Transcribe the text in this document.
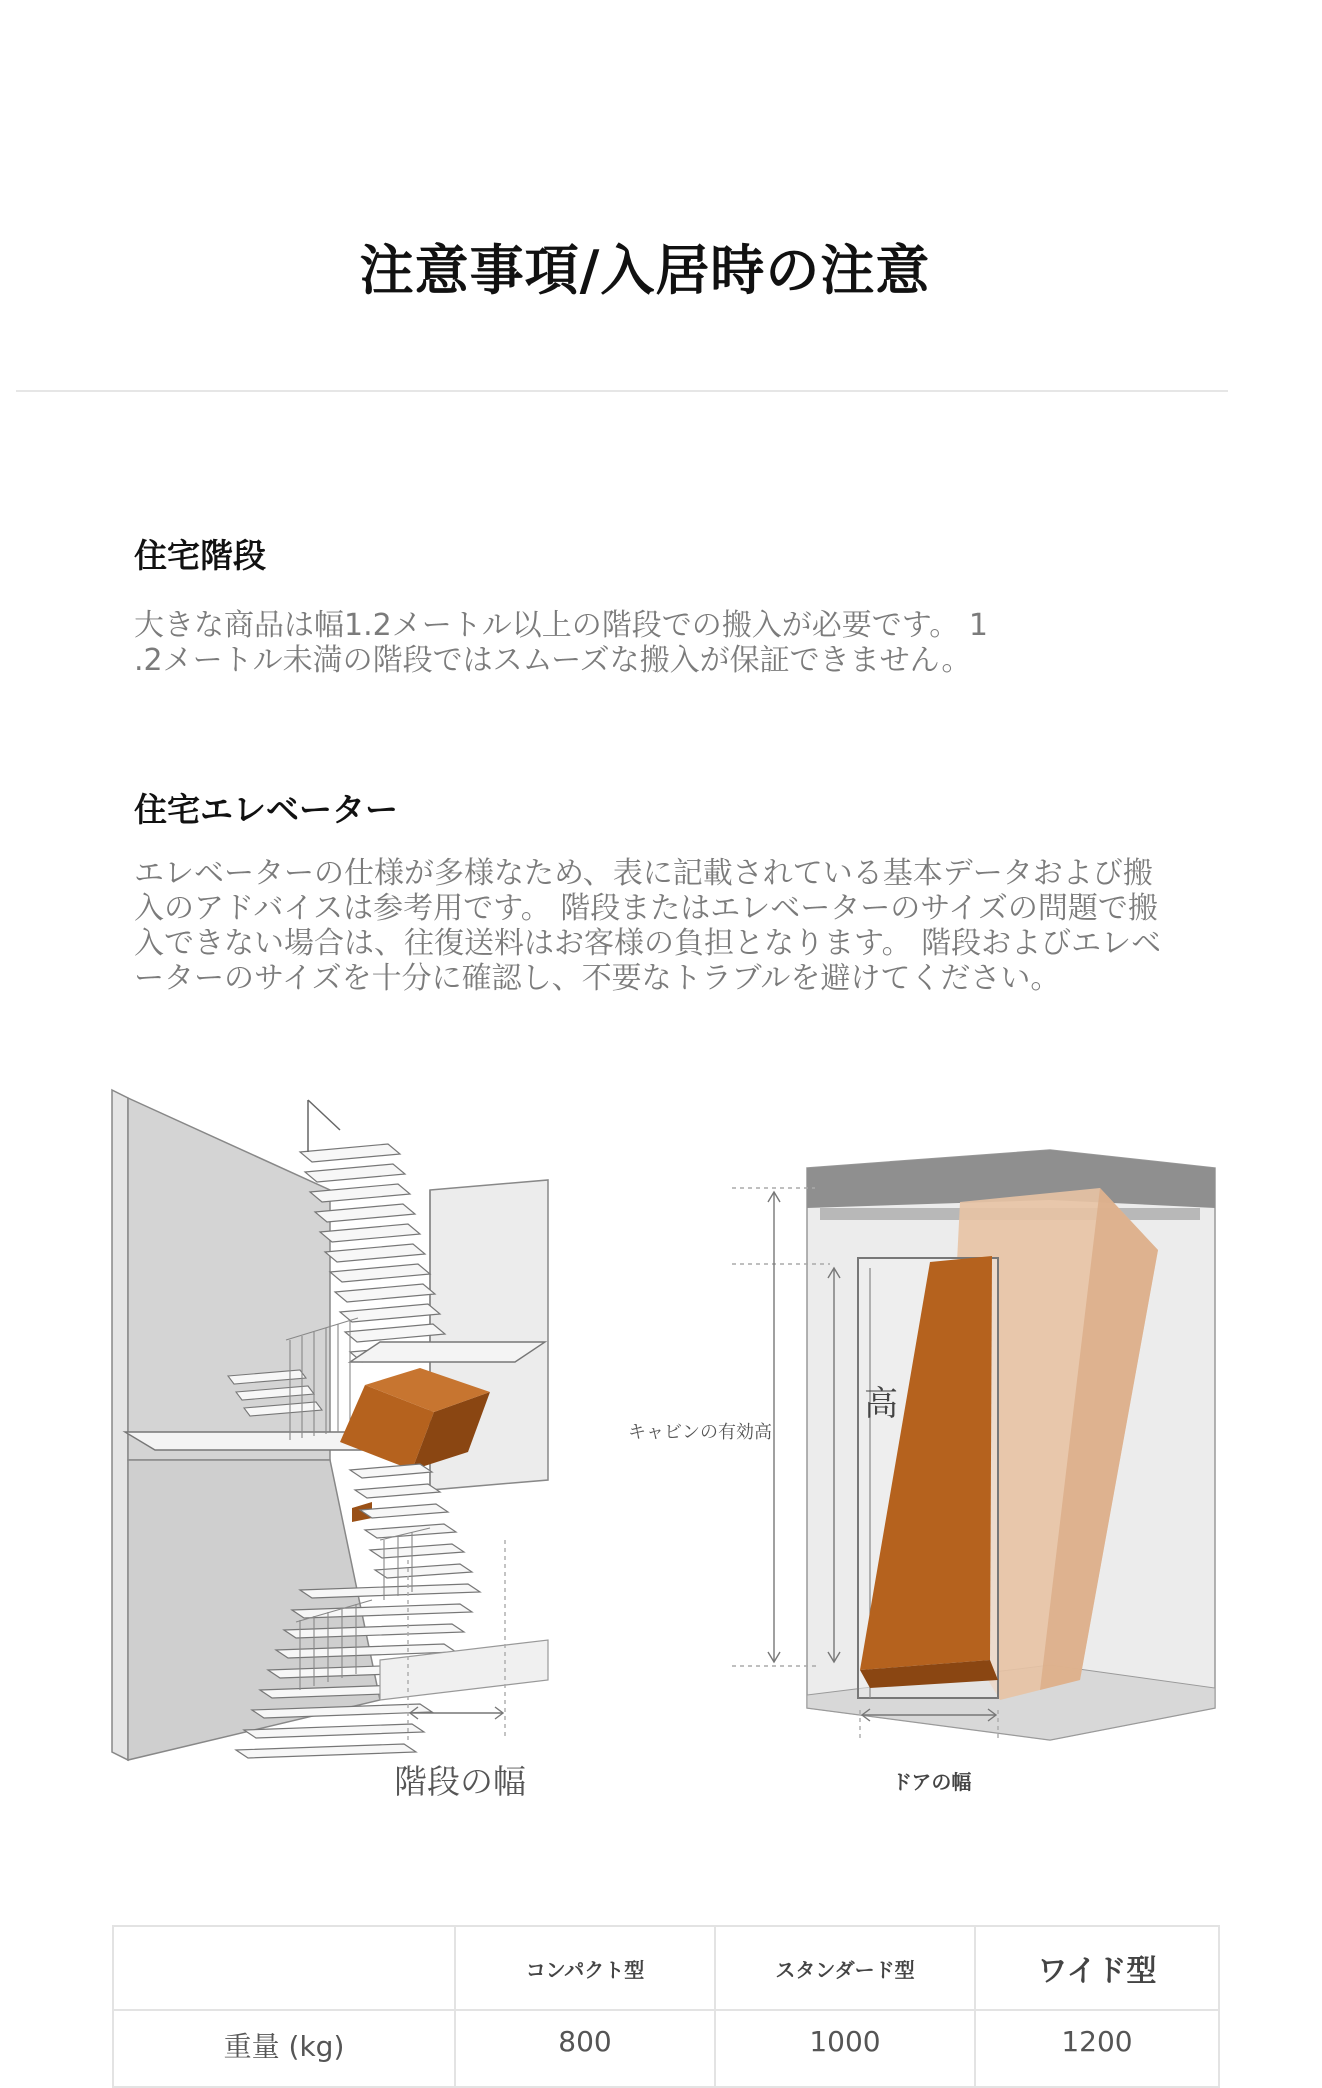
注意事項/入居時の注意
住宅階段
大きな商品は幅1.2メートル以上の階段での搬入が必要です。 1
.2メートル未満の階段ではスムーズな搬入が保証できません。
住宅エレベーター
エレベーターの仕様が多様なため、表に記載されている基本データおよび搬
入のアドバイスは参考用です。 階段またはエレベーターのサイズの問題で搬
入できない場合は、往復送料はお客様の負担となります。 階段およびエレベ
ーターのサイズを十分に確認し、不要なトラブルを避けてください。
階段の幅
キャビンの有効高
高
ドアの幅
	コンパクト型	スタンダード型	ワイド型
重量 (kg)	800	1000	1200
